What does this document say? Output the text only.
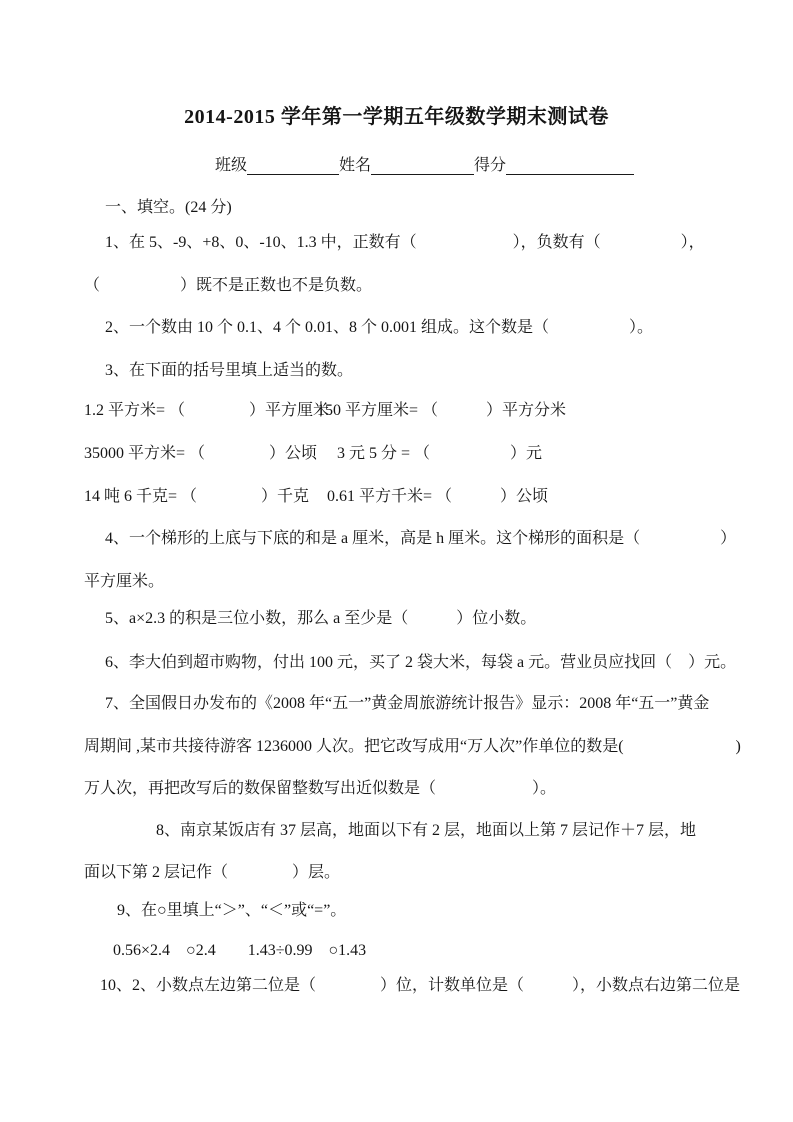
2014-2015 学年第一学期五年级数学期末测试卷
班级	姓名	得分
一、填空。(24 分)
1、在 5、-9、+8、0、-10、1.3 中，正数有（　　　　　　），负数有（　　　　　），
（　　　　　）既不是正数也不是负数。
2、一个数由 10 个 0.1、4 个 0.01、8 个 0.001 组成。这个数是（　　　　　）。
3、在下面的括号里填上适当的数。
1.2 平方米= （　　　　）平方厘米
150 平方厘米= （　　　）平方分米
35000 平方米= （　　　　）公顷 3 元 5 分 = （　　　　　）元
14 吨 6 千克= （　　　　）千克 0.61 平方千米= （　　　）公顷
4、一个梯形的上底与下底的和是 a 厘米，高是 h 厘米。这个梯形的面积是（　　　　　）
平方厘米。
5、a×2.3 的积是三位小数，那么 a 至少是（　　　）位小数。
6、李大伯到超市购物，付出 100 元，买了 2 袋大米，每袋 a 元。营业员应找回（　）元。
7、全国假日办发布的《2008 年“五一”黄金周旅游统计报告》显示：2008 年“五一”黄金
周期间 ,某市共接待游客 1236000 人次。把它改写成用“万人次”作单位的数是(　　　　　　　)
万人次，再把改写后的数保留整数写出近似数是（　　　　　　）。
8、南京某饭店有 37 层高，地面以下有 2 层，地面以上第 7 层记作＋7 层，地
面以下第 2 层记作（　　　　）层。
9、在○里填上“＞”、“＜”或“=”。
0.56×2.4　○2.4　　1.43÷0.99　○1.43
10、2、小数点左边第二位是（　　　　）位，计数单位是（　　　），小数点右边第二位是
